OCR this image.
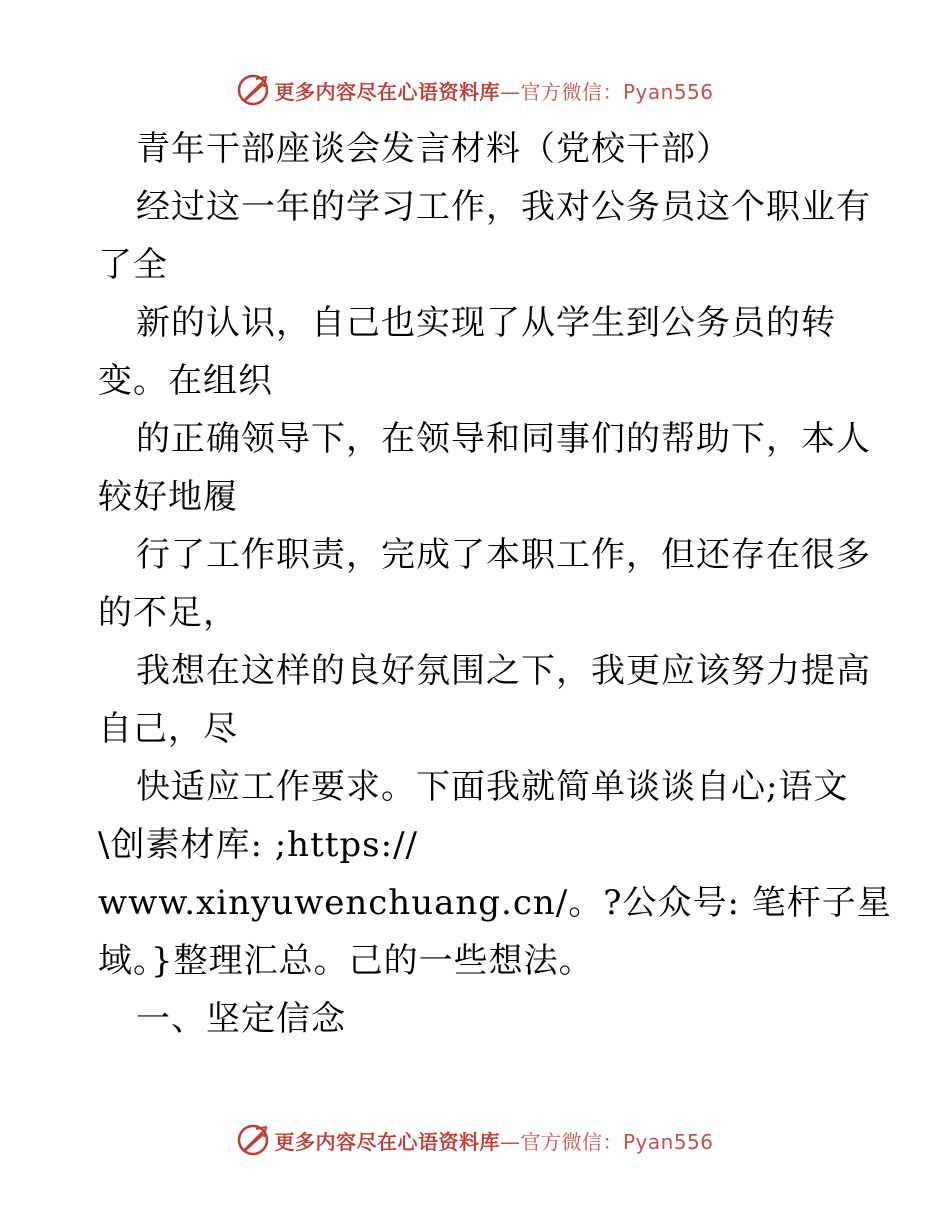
更多内容尽在心语资料库—官方微信：Pyan556
青年干部座谈会发言材料（党校干部）
经过这一年的学习工作，我对公务员这个职业有
了全
新的认识，自己也实现了从学生到公务员的转
变。在组织
的正确领导下，在领导和同事们的帮助下，本人
较好地履
行了工作职责，完成了本职工作，但还存在很多
的不足，
我想在这样的良好氛围之下，我更应该努力提高
自己，尽
快适应工作要求。下面我就简单谈谈自心;语文
\创素材库: ;https://
www.xinyuwenchuang.cn/。?公众号: 笔杆子星
域。}整理汇总。己的一些想法。
一、坚定信念
更多内容尽在心语资料库—官方微信：Pyan556
